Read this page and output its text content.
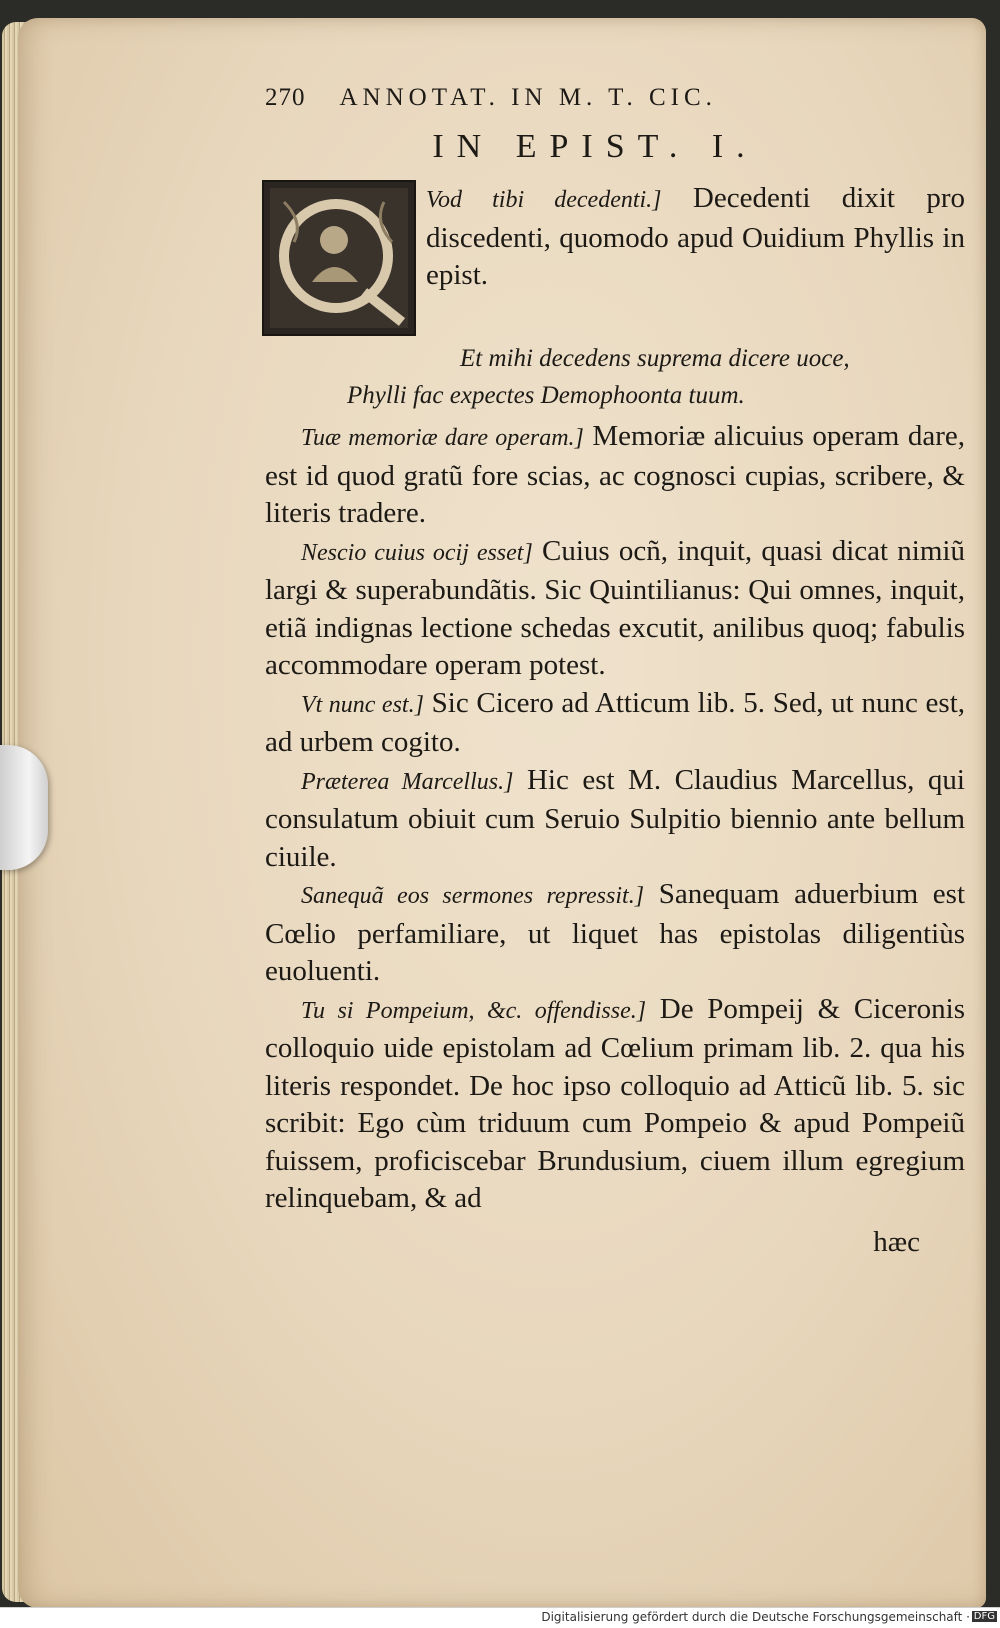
270 ANNOTAT. IN M. T. CIC.
IN EPIST. I.

Vod tibi decedenti.] Decedenti dixit pro discedenti, quomodo apud Ouidium Phyllis in epist.

Et mihi decedens suprema dicere uoce,
Phylli fac expectes Demophoonta tuum.

Tuæ memoriæ dare operam.] Memoriæ alicuius operam dare, est id quod gratũ fore scias, ac cognosci cupias, scribere, & literis tradere.

Nescio cuius ocij esset] Cuius ocñ, inquit, quasi dicat nimiũ largi & superabundãtis. Sic Quintilianus: Qui omnes, inquit, etiã indignas lectione schedas excutit, anilibus quoq; fabulis accommodare operam potest.

Vt nunc est.] Sic Cicero ad Atticum lib. 5. Sed, ut nunc est, ad urbem cogito.

Præterea Marcellus.] Hic est M. Claudius Marcellus, qui consulatum obiuit cum Seruio Sulpitio biennio ante bellum ciuile.

Sanequã eos sermones repressit.] Sanequam aduerbium est Cœlio perfamiliare, ut liquet has epistolas diligentiùs euoluenti.

Tu si Pompeium, &c. offendisse.] De Pompeij & Ciceronis colloquio uide epistolam ad Cœlium primam lib. 2. qua his literis respondet. De hoc ipso colloquio ad Atticũ lib. 5. sic scribit: Ego cùm triduum cum Pompeio & apud Pompeiũ fuissem, proficiscebar Brundusium, ciuem illum egregium relinquebam, & ad

hæc
Digitalisierung gefördert durch die Deutsche Forschungsgemeinschaft · DFG
